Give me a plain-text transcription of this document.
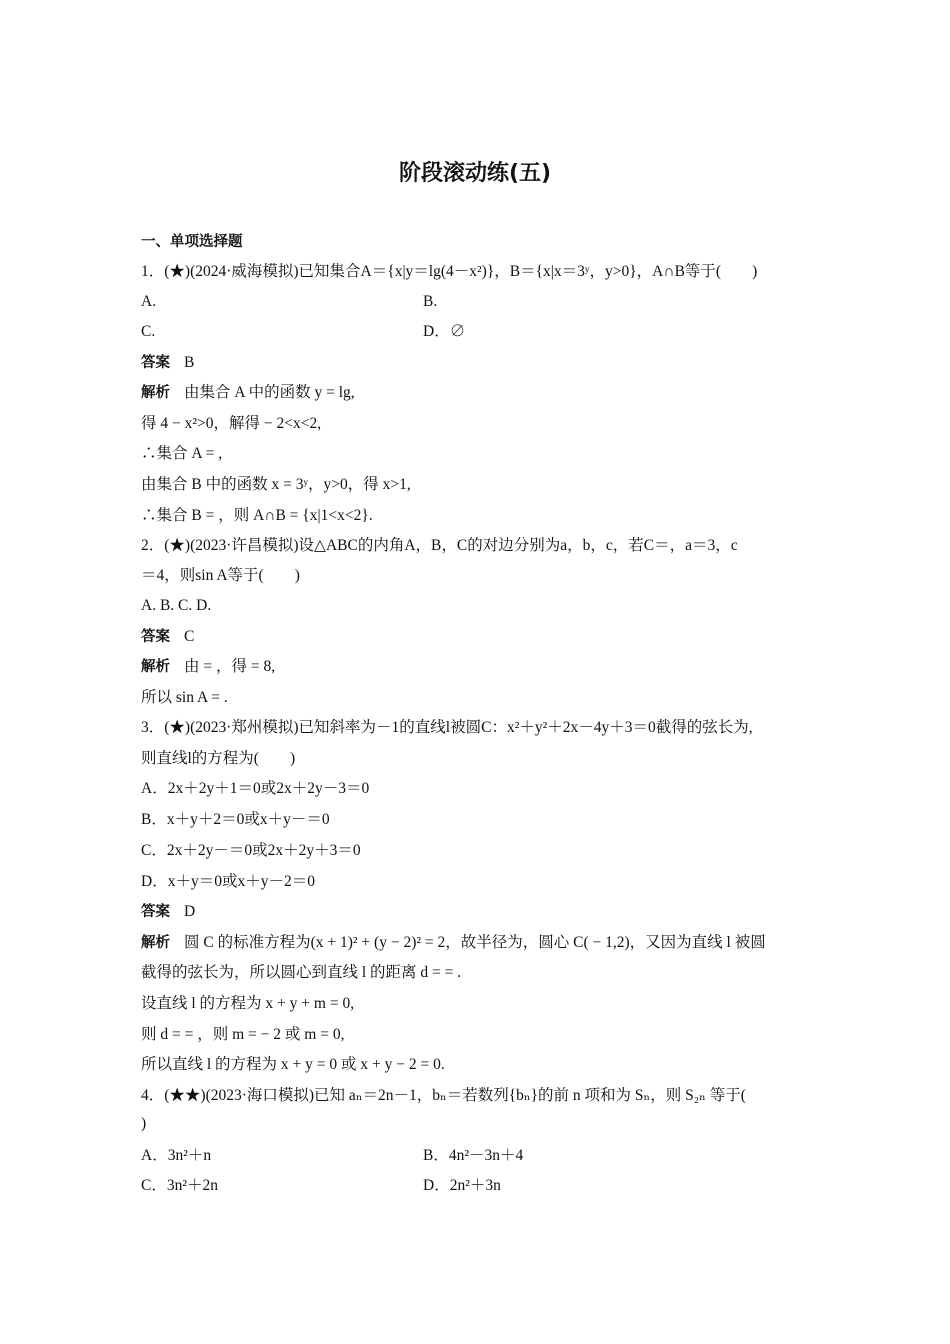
阶段滚动练(五)
一、单项选择题
1．(★)(2024·威海模拟)已知集合A＝{x|y＝lg(4－x²)}，B＝{x|x＝3ʸ，y>0}，A∩B等于(　　)
A.	B.
C.	D．∅
答案 B
解析 由集合 A 中的函数 y = lg,
得 4 − x²>0，解得 − 2<x<2,
∴集合 A = ,
由集合 B 中的函数 x = 3ʸ，y>0，得 x>1,
∴集合 B = ，则 A∩B = {x|1<x<2}.
2．(★)(2023·许昌模拟)设△ABC的内角A，B，C的对边分别为a，b，c，若C＝，a＝3，c
＝4，则sin A等于(　　)
A. B. C. D.
答案 C
解析 由 = ，得 = 8,
所以 sin A = .
3．(★)(2023·郑州模拟)已知斜率为－1的直线l被圆C：x²＋y²＋2x－4y＋3＝0截得的弦长为,
则直线l的方程为(　　)
A．2x＋2y＋1＝0或2x＋2y－3＝0
B．x＋y＋2＝0或x＋y－＝0
C．2x＋2y－＝0或2x＋2y＋3＝0
D．x＋y＝0或x＋y－2＝0
答案 D
解析 圆 C 的标准方程为(x + 1)² + (y − 2)² = 2，故半径为，圆心 C( − 1,2)，又因为直线 l 被圆
截得的弦长为，所以圆心到直线 l 的距离 d = = .
设直线 l 的方程为 x + y + m = 0,
则 d = = ，则 m = − 2 或 m = 0,
所以直线 l 的方程为 x + y = 0 或 x + y − 2 = 0.
4．(★★)(2023·海口模拟)已知 aₙ＝2n－1，bₙ＝若数列{bₙ}的前 n 项和为 Sₙ，则 S₂ₙ 等于(
)
A．3n²＋n	B．4n²－3n＋4
C．3n²＋2n	D．2n²＋3n
